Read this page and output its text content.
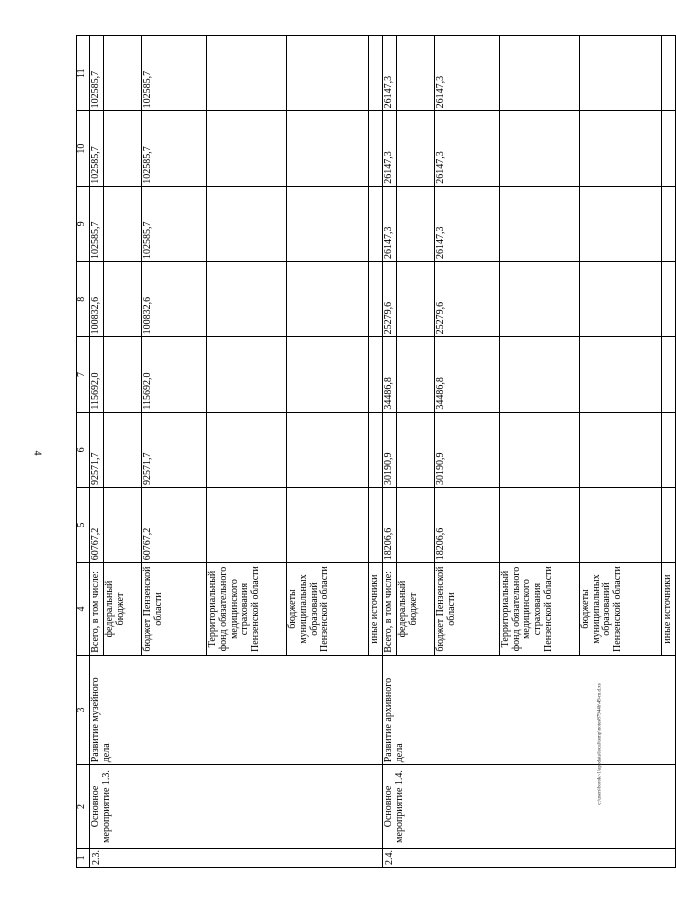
4
1	2	3	4	5	6	7	8	9	10	11
2.3.	Основное мероприятие 1.3.	Развитие музейного дела	Всего, в том числе:	60767,2	92571,7	115692,0	100832,6	102585,7	102585,7	102585,7
			федеральный бюджет							
			бюджет Пензенской области	60767,2	92571,7	115692,0	100832,6	102585,7	102585,7	102585,7
			Территориальный фонд обязательного медицинского страхования Пензенской области							
			бюджеты муниципальных образований Пензенской области							
			иные источники							
2.4.	Основное мероприятие 1.4.	Развитие архивного дела	Всего, в том числе:	18206,6	30190,9	34486,8	25279,6	26147,3	26147,3	26147,3
			федеральный бюджет							
			бюджет Пензенской области	18206,6	30190,9	34486,8	25279,6	26147,3	26147,3	26147,3
			Территориальный фонд обязательного медицинского страхования Пензенской области							
			бюджеты муниципальных образований Пензенской области							
			иные источники							
c:\users\borok~1\appdata\local\temp\notes87944b\49-m.d.xs
